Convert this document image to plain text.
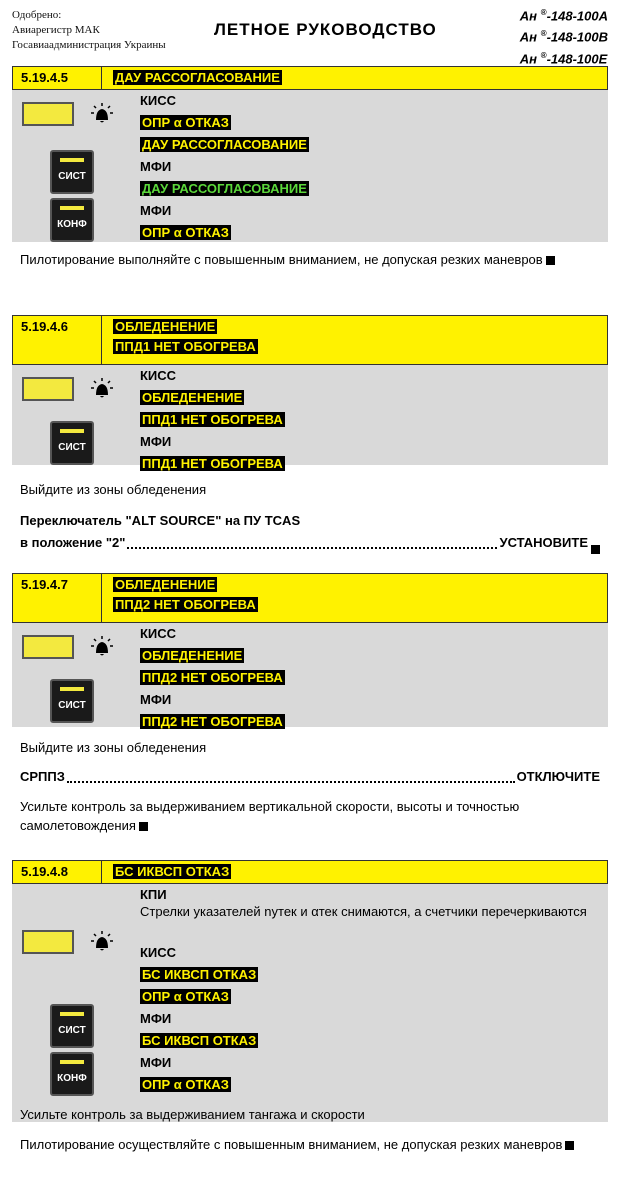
Одобрено:
Авиарегистр МАК
Госавиаадминистрация Украины
ЛЕТНОЕ РУКОВОДСТВО
Ан ®-148-100A
Ан ®-148-100B
Ан ®-148-100E
5.19.4.5	ДАУ РАССОГЛАСОВАНИЕ
СИСТ
КОНФ
КИСС
ОПР α ОТКАЗ
ДАУ РАССОГЛАСОВАНИЕ
МФИ
ДАУ РАССОГЛАСОВАНИЕ
МФИ
ОПР α ОТКАЗ
5.19.4.6	ОБЛЕДЕНЕНИЕ
ППД1 НЕТ ОБОГРЕВА
СИСТ
КИСС
ОБЛЕДЕНЕНИЕ
ППД1 НЕТ ОБОГРЕВА
МФИ
ППД1 НЕТ ОБОГРЕВА
5.19.4.7	ОБЛЕДЕНЕНИЕ
ППД2 НЕТ ОБОГРЕВА
СИСТ
КИСС
ОБЛЕДЕНЕНИЕ
ППД2 НЕТ ОБОГРЕВА
МФИ
ППД2 НЕТ ОБОГРЕВА
5.19.4.8	БС ИКВСП ОТКАЗ
СИСТ
КОНФ
КПИ
Стрелки указателей nутек и αтек снимаются, а счетчики перечеркиваются
КИСС
БС ИКВСП ОТКАЗ
ОПР α ОТКАЗ
МФИ
БС ИКВСП ОТКАЗ
МФИ
ОПР α ОТКАЗ
Пилотирование выполняйте с повышенным вниманием, не допуская резких маневров
Выйдите из зоны обледенения
Переключатель "ALT SOURCE" на ПУ TCAS
в положение "2"	УСТАНОВИТЕ
Выйдите из зоны обледенения
СРППЗ	ОТКЛЮЧИТЕ
Усильте контроль за выдерживанием вертикальной скорости, высоты и точностью самолетовождения
Усильте контроль за выдерживанием тангажа и скорости
Пилотирование осуществляйте с повышенным вниманием, не допуская резких маневров
